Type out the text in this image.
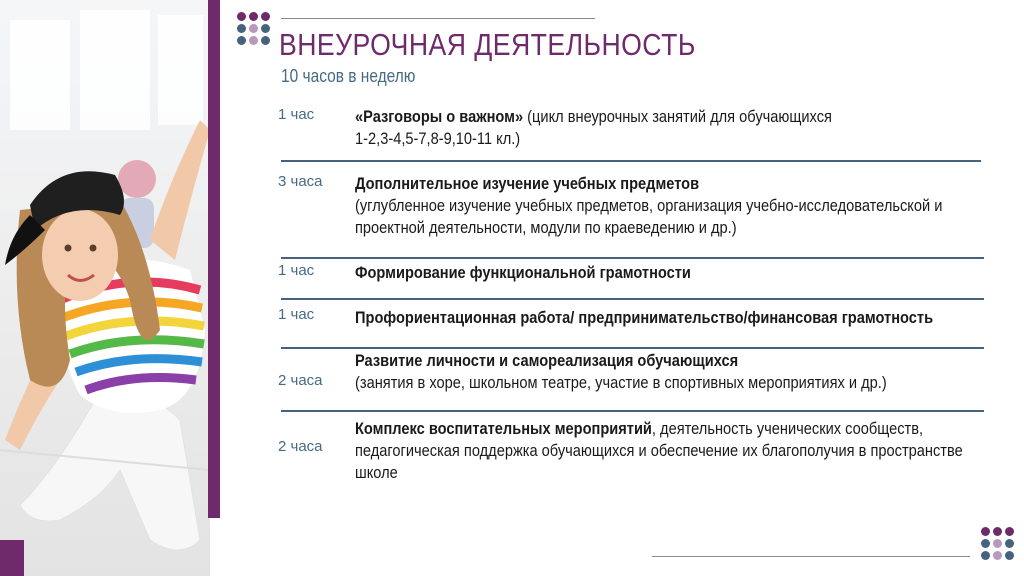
ВНЕУРОЧНАЯ ДЕЯТЕЛЬНОСТЬ
10 часов в неделю
1 час «Разговоры о важном» (цикл внеурочных занятий для обучающихся
1-2,3-4,5-7,8-9,10-11 кл.)
3 часа Дополнительное изучение учебных предметов
(углубленное изучение учебных предметов, организация учебно-исследовательской и
проектной деятельности, модули по краеведению и др.)
1 час Формирование функциональной грамотности
1 час Профориентационная работа/ предпринимательство/финансовая грамотность
2 часа
Развитие личности и самореализация обучающихся
(занятия в хоре, школьном театре, участие в спортивных мероприятиях и др.)
2 часа
Комплекс воспитательных мероприятий, деятельность ученических сообществ,
педагогическая поддержка обучающихся и обеспечение их благополучия в пространстве
школе
